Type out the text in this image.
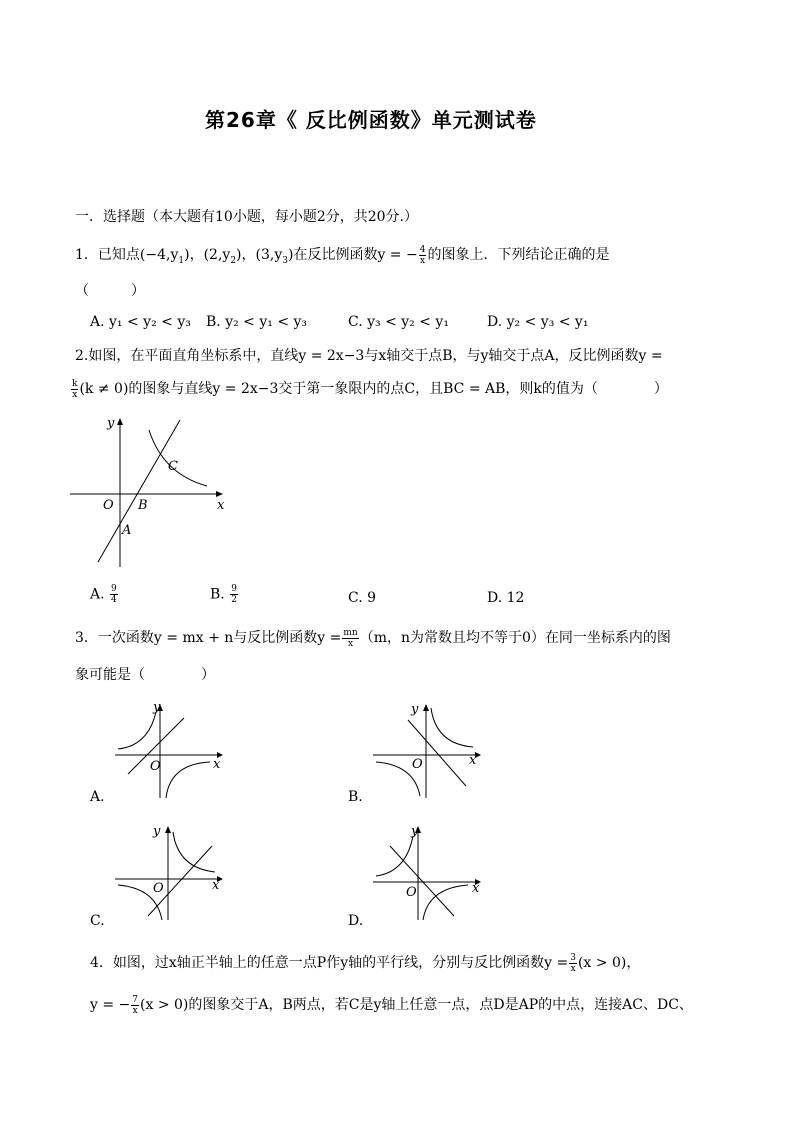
第26章《 反比例函数》单元测试卷
一．选择题（本大题有10小题，每小题2分，共20分.）
1．已知点$(-4,y_1)$，$(2,y_2)$，$(3,y_3)$在反比例函数y = − $\frac{4}{x}$ 的图象上．下列结论正确的是
（　　　）
A. y₁ < y₂ < y₃ B. y₂ < y₁ < y₃	C. y₃ < y₂ < y₁	D. y₂ < y₃ < y₁
2.如图，在平面直角坐标系中，直线y = 2x−3与x轴交于点B，与y轴交于点A，反比例函数y =
$\frac{k}{x} (k \ne 0)$的图象与直线y = 2x−3交于第一象限内的点C，且BC = AB，则k的值为（　　　　）
y
x
O B
A
C
A. $\frac{9}{4}$	B. $\frac{9}{2}$	C. 9	D. 12
3．一次函数y = mx + n与反比例函数$y = \frac{mn}{x} (m$，n为常数且均不等于0）在同一坐标系内的图
象可能是（　　　　）
y
x
O
A.
y
x
O
B.
y
x
O
C.
y
x
O
D.
4．如图，过x轴正半轴上的任意一点P作y轴的平行线，分别与反比例函数$y = \frac{3}{x} (x > 0)$，
y = − $\frac{7}{x} (x > 0)$的图象交于A，B两点，若C是y轴上任意一点，点D是AP的中点，连接AC、DC、
